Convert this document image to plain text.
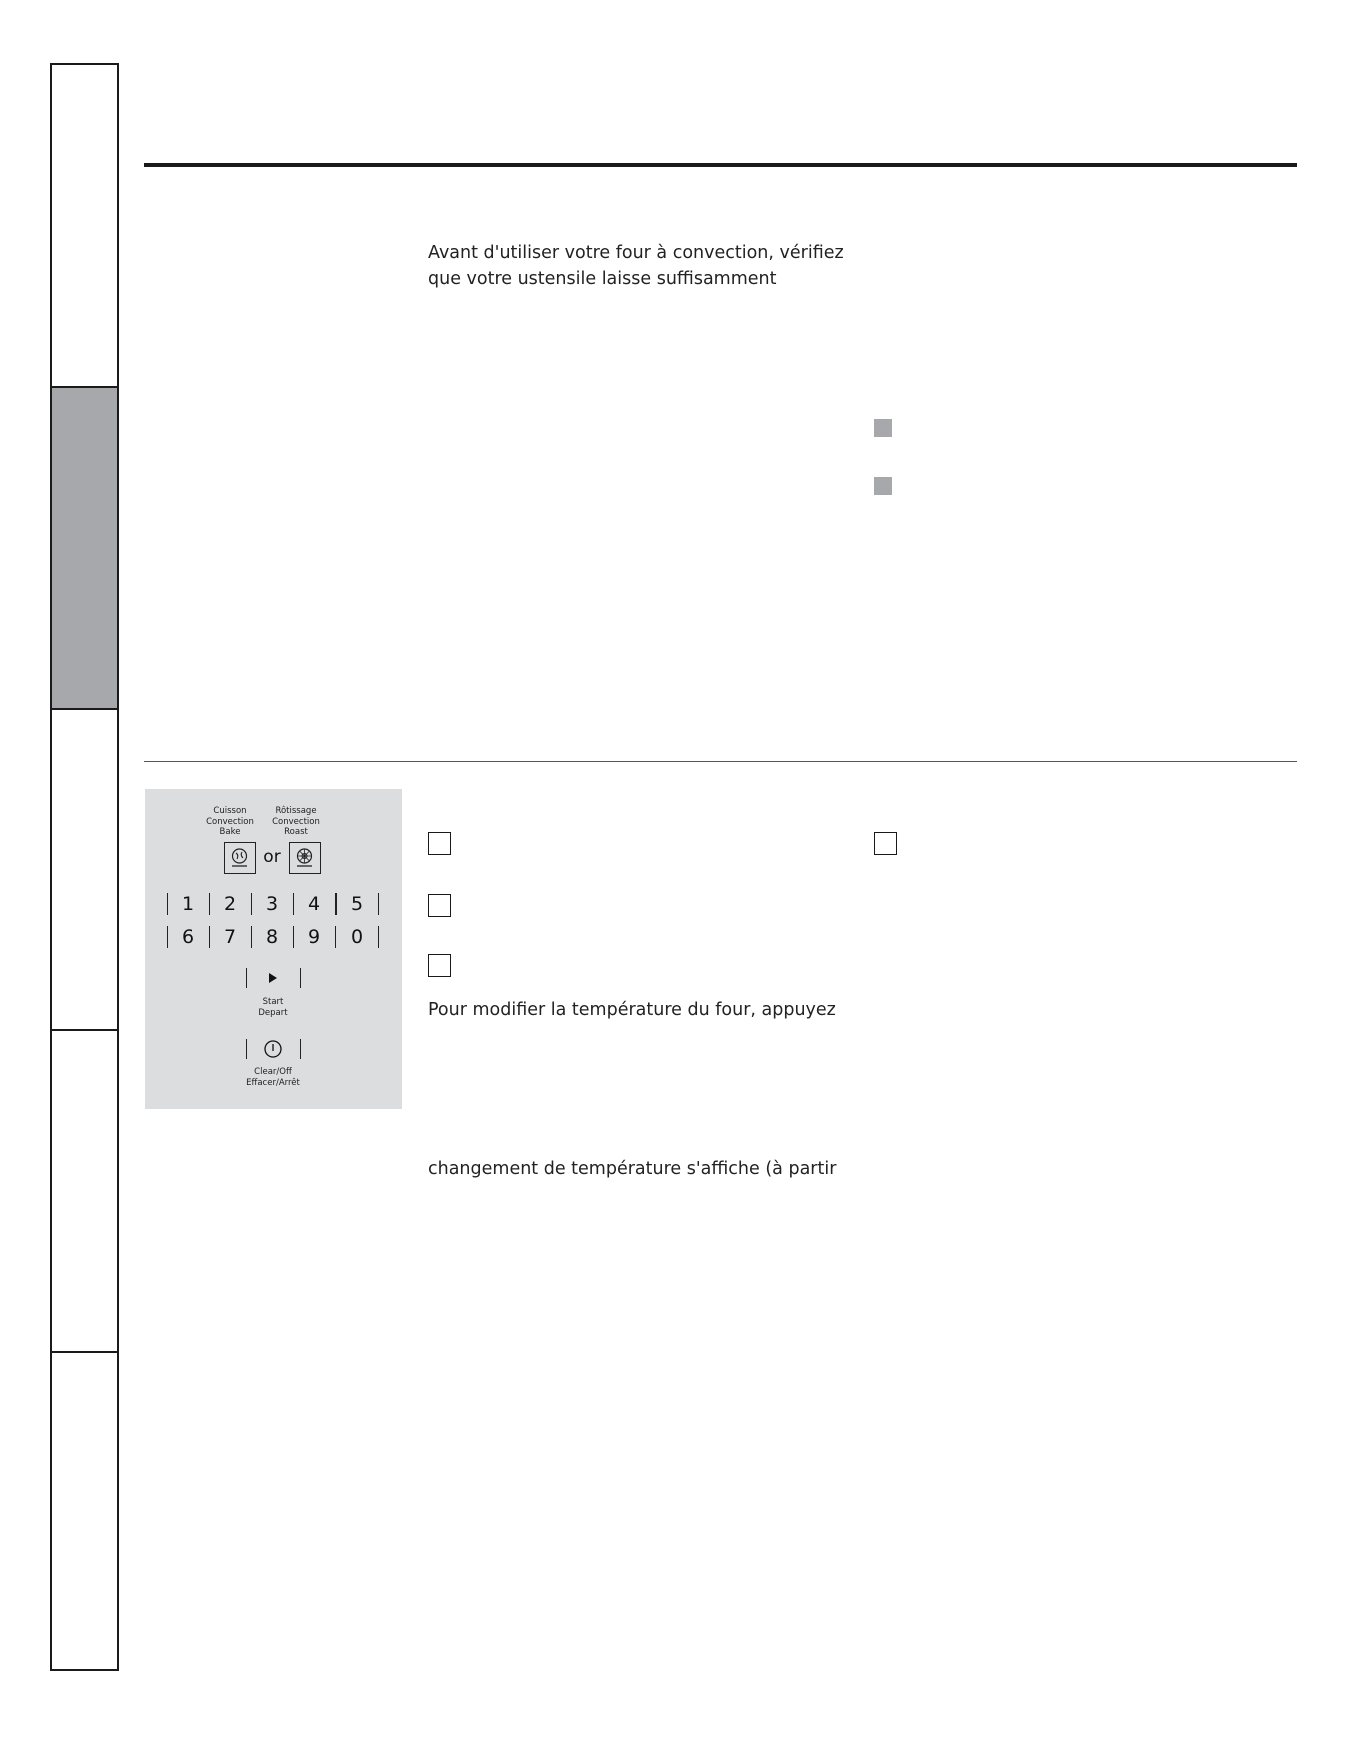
Avant d'utiliser votre four à convection, vérifiez
que votre ustensile laisse suffisamment
Cuisson
Convection
Bake
Rôtissage
Convection
Roast
or
1	2	3	4	5
6	7	8	9	0
Start
Depart
Clear/Off
Effacer/Arrêt
Pour modifier la température du four, appuyez
changement de température s'affiche (à partir
